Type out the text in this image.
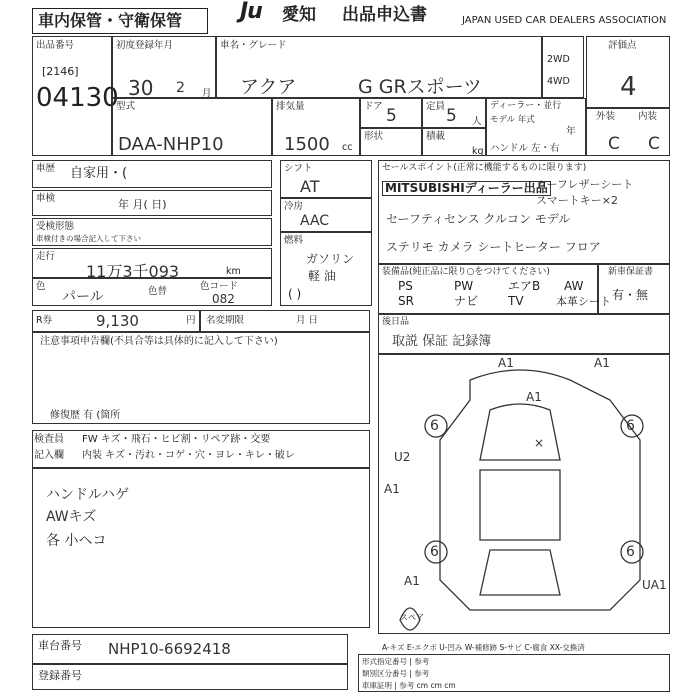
車内保管・守衛保管	Ju 愛知 出品申込書	JAPAN USED CAR DEALERS ASSOCIATION
出品番号
[2146]
04130
初度登録年月
30 2 月
車名・グレード
アクア	G GRスポーツ
2WD
4WD
評価点
4
型式
DAA-NHP10
排気量
1500 cc
ドア 5	定員 5 人
形状	積載
kg
ディーラー・並行
モデル 年式
年
ハンドル 左・右
外装 内装
C C
車歴 自家用・(
車検	年 月( 日)
受検形態
車検付きの場合記入して下さい
走行
11万3千093	km
色
パール	色替	色コード
082
シフト
AT
冷房
AAC
燃料
ガソリン
軽 油
( )
セールスポイント(正常に機能するものに限ります)
MITSUBISHIディーラー出品
ムーフレザーシート
スマートキー×2
セーフティセンス クルコン モデル
ステリモ カメラ シートヒーター フロア
装備品(純正品に限り○をつけてください)
PS	PW	エアB AW
SR	ナビ TV	本革シート
新車保証書
有・無
R券	9,130	円 名変期限	月 日
注意事項申告欄(不具合等は具体的に記入して下さい)
修復歴 有 (箇所
後日品
取説 保証 記録簿
検査員
記入欄
FW キズ・飛石・ヒビ割・リペア跡・交要
内装 キズ・汚れ・コゲ・穴・ヨレ・キレ・破レ
ハンドルハゲ
AWキズ
各 小ヘコ
車台番号 NHP10-6692418
登録番号
A-キズ E-エクボ U-凹み W-補修跡 S-サビ C-腐食 XX-交換済
形式指定番号 | 参考
類別区分番号 | 参考
車庫証明 | 参考 cm cm cm
6	6
6	6
A1	A1
A1
×
U2
A1
A1	UA1
スペア
